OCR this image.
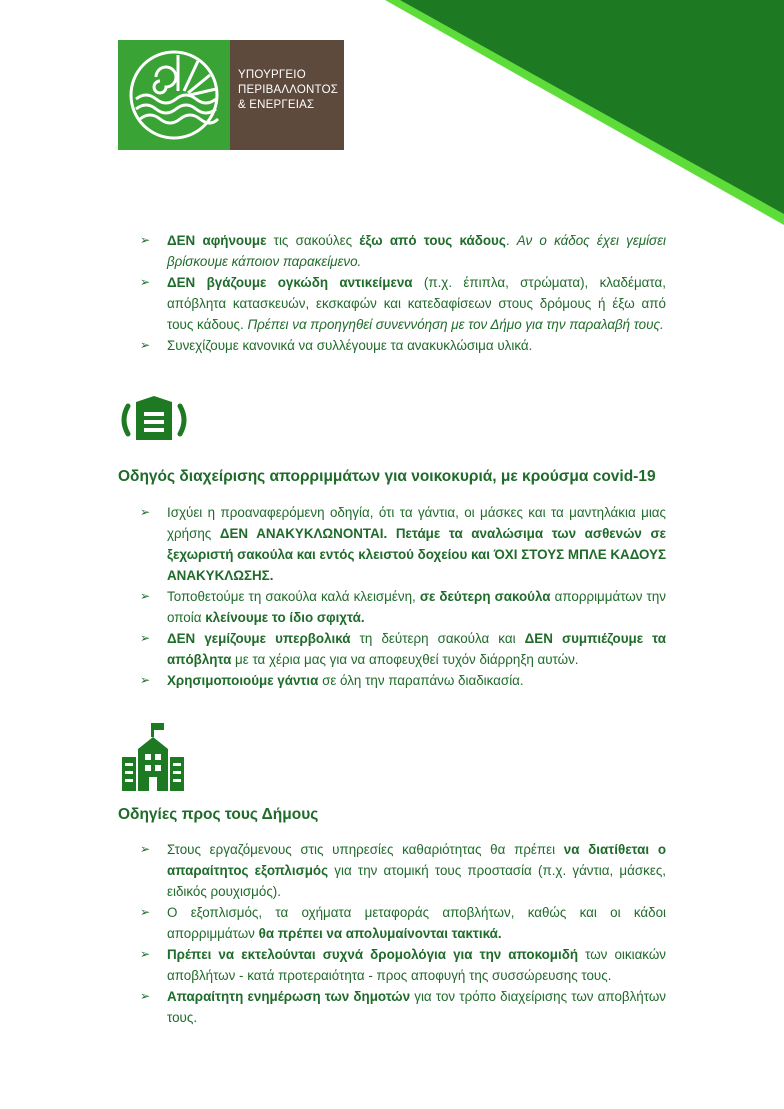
ΥΠΟΥΡΓΕΙΟ
ΠΕΡΙΒΑΛΛΟΝΤΟΣ
& ΕΝΕΡΓΕΙΑΣ
➢ ΔΕΝ αφήνουμε τις σακούλες έξω από τους κάδους. Αν ο κάδος έχει γεμίσει βρίσκουμε κάποιον παρακείμενο.
➢ ΔΕΝ βγάζουμε ογκώδη αντικείμενα (π.χ. έπιπλα, στρώματα), κλαδέματα, απόβλητα κατασκευών, εκσκαφών και κατεδαφίσεων στους δρόμους ή έξω από τους κάδους. Πρέπει να προηγηθεί συνεννόηση με τον Δήμο για την παραλαβή τους.
➢ Συνεχίζουμε κανονικά να συλλέγουμε τα ανακυκλώσιμα υλικά.
Οδηγός διαχείρισης απορριμμάτων για νοικοκυριά, με κρούσμα covid-19
➢ Ισχύει η προαναφερόμενη οδηγία, ότι τα γάντια, οι μάσκες και τα μαντηλάκια μιας χρήσης ΔΕΝ ΑΝΑΚΥΚΛΩΝΟΝΤΑΙ. Πετάμε τα αναλώσιμα των ασθενών σε ξεχωριστή σακούλα και εντός κλειστού δοχείου και ΌΧΙ ΣΤΟΥΣ ΜΠΛΕ ΚΑΔΟΥΣ ΑΝΑΚΥΚΛΩΣΗΣ.
➢ Τοποθετούμε τη σακούλα καλά κλεισμένη, σε δεύτερη σακούλα απορριμμάτων την οποία κλείνουμε το ίδιο σφιχτά.
➢ ΔΕΝ γεμίζουμε υπερβολικά τη δεύτερη σακούλα και ΔΕΝ συμπιέζουμε τα απόβλητα με τα χέρια μας για να αποφευχθεί τυχόν διάρρηξη αυτών.
➢ Χρησιμοποιούμε γάντια σε όλη την παραπάνω διαδικασία.
Οδηγίες προς τους Δήμους
➢ Στους εργαζόμενους στις υπηρεσίες καθαριότητας θα πρέπει να διατίθεται ο απαραίτητος εξοπλισμός για την ατομική τους προστασία (π.χ. γάντια, μάσκες, ειδικός ρουχισμός).
➢ Ο εξοπλισμός, τα οχήματα μεταφοράς αποβλήτων, καθώς και οι κάδοι απορριμμάτων θα πρέπει να απολυμαίνονται τακτικά.
➢ Πρέπει να εκτελούνται συχνά δρομολόγια για την αποκομιδή των οικιακών αποβλήτων - κατά προτεραιότητα - προς αποφυγή της συσσώρευσης τους.
➢ Απαραίτητη ενημέρωση των δημοτών για τον τρόπο διαχείρισης των αποβλήτων τους.
